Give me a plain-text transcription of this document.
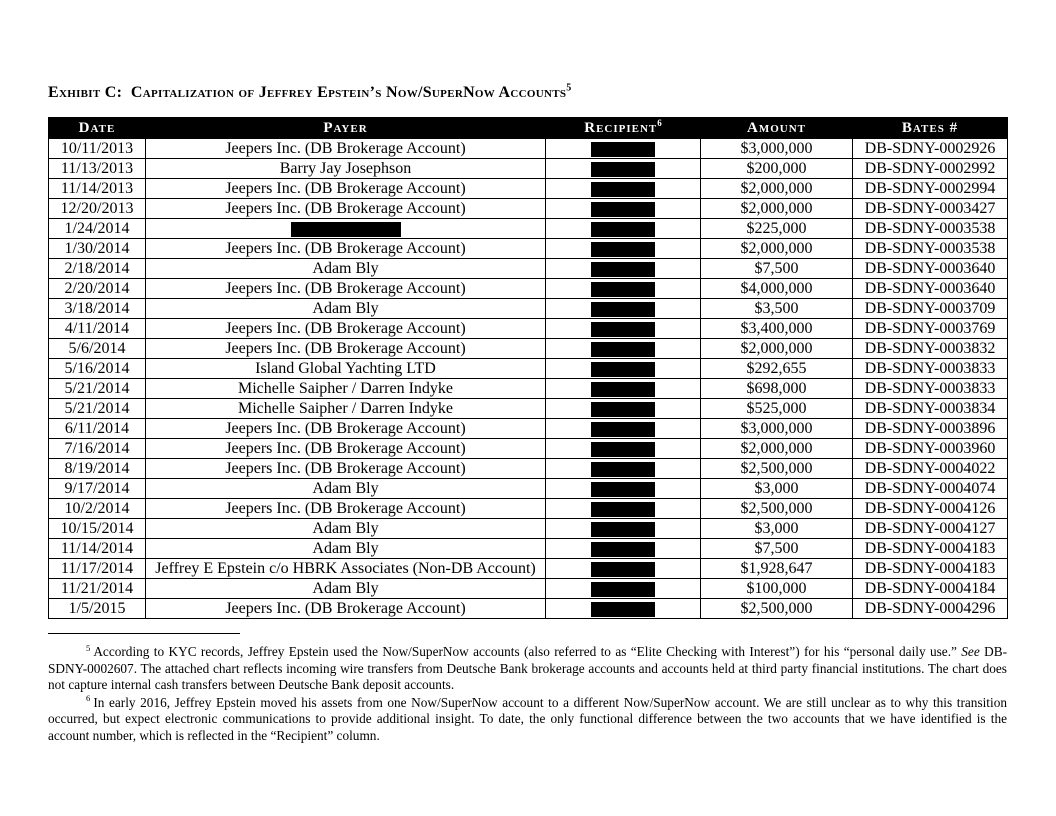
Exhibit C:  Capitalization of Jeffrey Epstein’s Now/SuperNow Accounts$^5$
Date	Payer	Recipient$^6$	Amount	Bates #
10/11/2013	Jeepers Inc. (DB Brokerage Account)		$3,000,000	DB-SDNY-0002926
11/13/2013	Barry Jay Josephson		$200,000	DB-SDNY-0002992
11/14/2013	Jeepers Inc. (DB Brokerage Account)		$2,000,000	DB-SDNY-0002994
12/20/2013	Jeepers Inc. (DB Brokerage Account)		$2,000,000	DB-SDNY-0003427
1/24/2014			$225,000	DB-SDNY-0003538
1/30/2014	Jeepers Inc. (DB Brokerage Account)		$2,000,000	DB-SDNY-0003538
2/18/2014	Adam Bly		$7,500	DB-SDNY-0003640
2/20/2014	Jeepers Inc. (DB Brokerage Account)		$4,000,000	DB-SDNY-0003640
3/18/2014	Adam Bly		$3,500	DB-SDNY-0003709
4/11/2014	Jeepers Inc. (DB Brokerage Account)		$3,400,000	DB-SDNY-0003769
5/6/2014	Jeepers Inc. (DB Brokerage Account)		$2,000,000	DB-SDNY-0003832
5/16/2014	Island Global Yachting LTD		$292,655	DB-SDNY-0003833
5/21/2014	Michelle Saipher / Darren Indyke		$698,000	DB-SDNY-0003833
5/21/2014	Michelle Saipher / Darren Indyke		$525,000	DB-SDNY-0003834
6/11/2014	Jeepers Inc. (DB Brokerage Account)		$3,000,000	DB-SDNY-0003896
7/16/2014	Jeepers Inc. (DB Brokerage Account)		$2,000,000	DB-SDNY-0003960
8/19/2014	Jeepers Inc. (DB Brokerage Account)		$2,500,000	DB-SDNY-0004022
9/17/2014	Adam Bly		$3,000	DB-SDNY-0004074
10/2/2014	Jeepers Inc. (DB Brokerage Account)		$2,500,000	DB-SDNY-0004126
10/15/2014	Adam Bly		$3,000	DB-SDNY-0004127
11/14/2014	Adam Bly		$7,500	DB-SDNY-0004183
11/17/2014	Jeffrey E Epstein c/o HBRK Associates (Non-DB Account)		$1,928,647	DB-SDNY-0004183
11/21/2014	Adam Bly		$100,000	DB-SDNY-0004184
1/5/2015	Jeepers Inc. (DB Brokerage Account)		$2,500,000	DB-SDNY-0004296

$^5$ According to KYC records, Jeffrey Epstein used the Now/SuperNow accounts (also referred to as “Elite Checking with Interest”) for his “personal daily use.” See DB-SDNY-0002607. The attached chart reflects incoming wire transfers from Deutsche Bank brokerage accounts and accounts held at third party financial institutions. The chart does not capture internal cash transfers between Deutsche Bank deposit accounts.

$^6$ In early 2016, Jeffrey Epstein moved his assets from one Now/SuperNow account to a different Now/SuperNow account. We are still unclear as to why this transition occurred, but expect electronic communications to provide additional insight. To date, the only functional difference between the two accounts that we have identified is the account number, which is reflected in the “Recipient” column.
